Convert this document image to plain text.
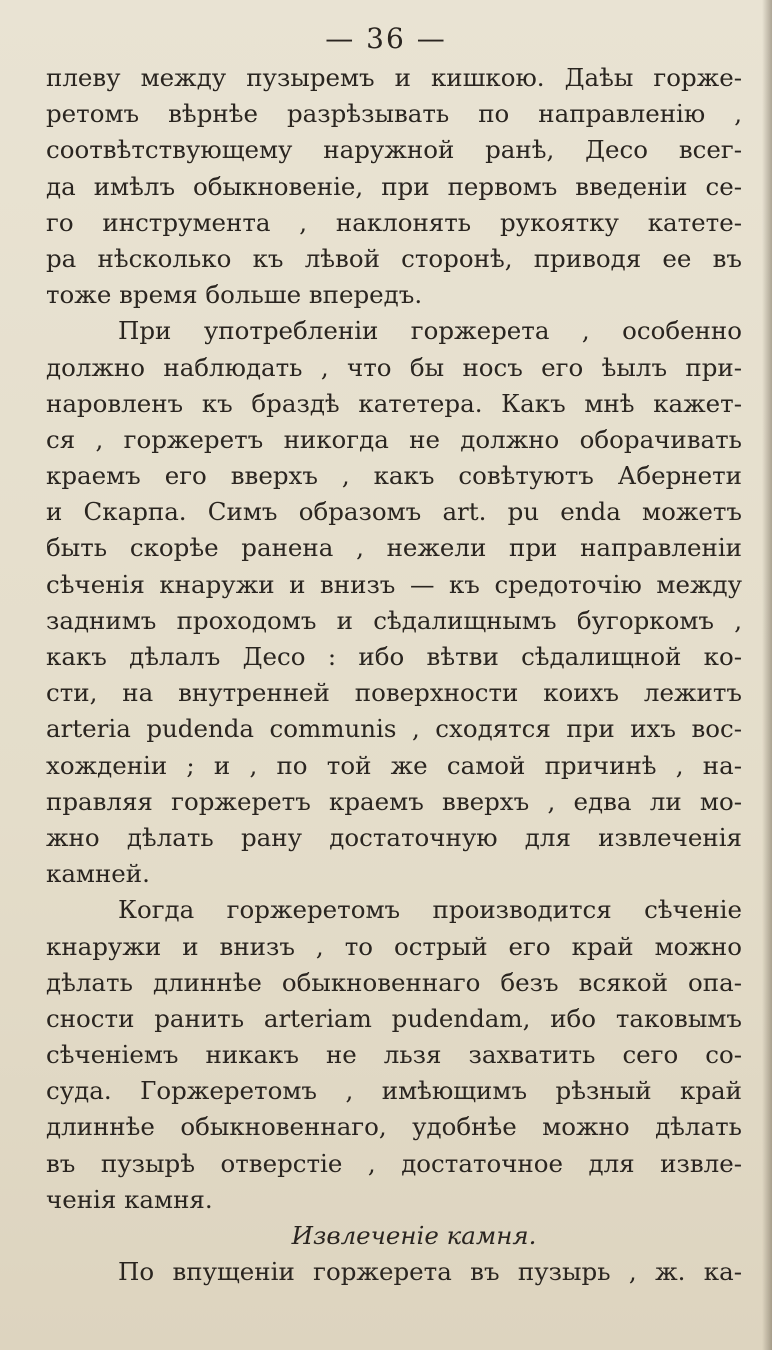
— 36 —
плеву между пузыремъ и кишкою. Даѣы горже-
ретомъ вѣрнѣе разрѣзывать по направленію ,
соотвѣтствующему наружной ранѣ, Десо всег-
да имѣлъ обыкновеніе, при первомъ введеніи се-
го инструмента , наклонять рукоятку катете-
ра нѣсколько къ лѣвой сторонѣ, приводя ее въ
тоже время больше впередъ.
При употребленіи горжерета , особенно
должно наблюдать , что бы носъ его ѣылъ при-
наровленъ къ браздѣ катетера. Какъ мнѣ кажет-
ся , горжеретъ никогда не должно оборачивать
краемъ его вверхъ , какъ совѣтуютъ Абернети
и Скарпа. Симъ образомъ art. pu enda можетъ
быть скорѣе ранена , нежели при направленіи
сѣченія кнаружи и внизъ — къ средоточію между
заднимъ проходомъ и сѣдалищнымъ бугоркомъ ,
какъ дѣлалъ Десо : ибо вѣтви сѣдалищной ко-
сти, на внутренней поверхности коихъ лежитъ
arteria pudenda communis , сходятся при ихъ вос-
хожденіи ; и , по той же самой причинѣ , на-
правляя горжеретъ краемъ вверхъ , едва ли мо-
жно дѣлать рану достаточную для извлеченія
камней.
Когда горжеретомъ производится сѣченіе
кнаружи и внизъ , то острый его край можно
дѣлать длиннѣе обыкновеннаго безъ всякой опа-
сности ранить arteriam pudendam, ибо таковымъ
сѣченіемъ никакъ не льзя захватить сего со-
суда. Горжеретомъ , имѣющимъ рѣзный край
длиннѣе обыкновеннаго, удобнѣе можно дѣлать
въ пузырѣ отверстіе , достаточное для извле-
ченія камня.
Извлеченіе камня.
По впущеніи горжерета въ пузырь , ж. ка-
